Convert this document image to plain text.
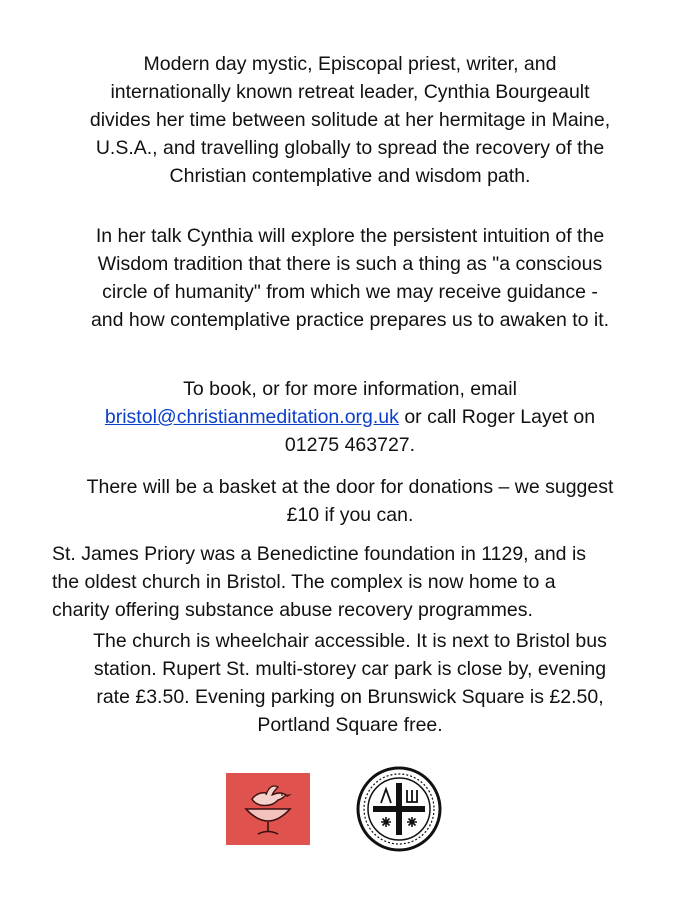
Modern day mystic, Episcopal priest, writer, and
internationally known retreat leader, Cynthia Bourgeault
divides her time between solitude at her hermitage in Maine,
U.S.A., and travelling globally to spread the recovery of the
Christian contemplative and wisdom path.

In her talk Cynthia will explore the persistent intuition of the
Wisdom tradition that there is such a thing as "a conscious
circle of humanity" from which we may receive guidance -
and how contemplative practice prepares us to awaken to it.

To book, or for more information, email
bristol@christianmeditation.org.uk or call Roger Layet on
01275 463727.

There will be a basket at the door for donations – we suggest
£10 if you can.

St. James Priory was a Benedictine foundation in 1129, and is
the oldest church in Bristol. The complex is now home to a
charity offering substance abuse recovery programmes.

The church is wheelchair accessible. It is next to Bristol bus
station. Rupert St. multi-storey car park is close by, evening
rate £3.50. Evening parking on Brunswick Square is £2.50,
Portland Square free.
